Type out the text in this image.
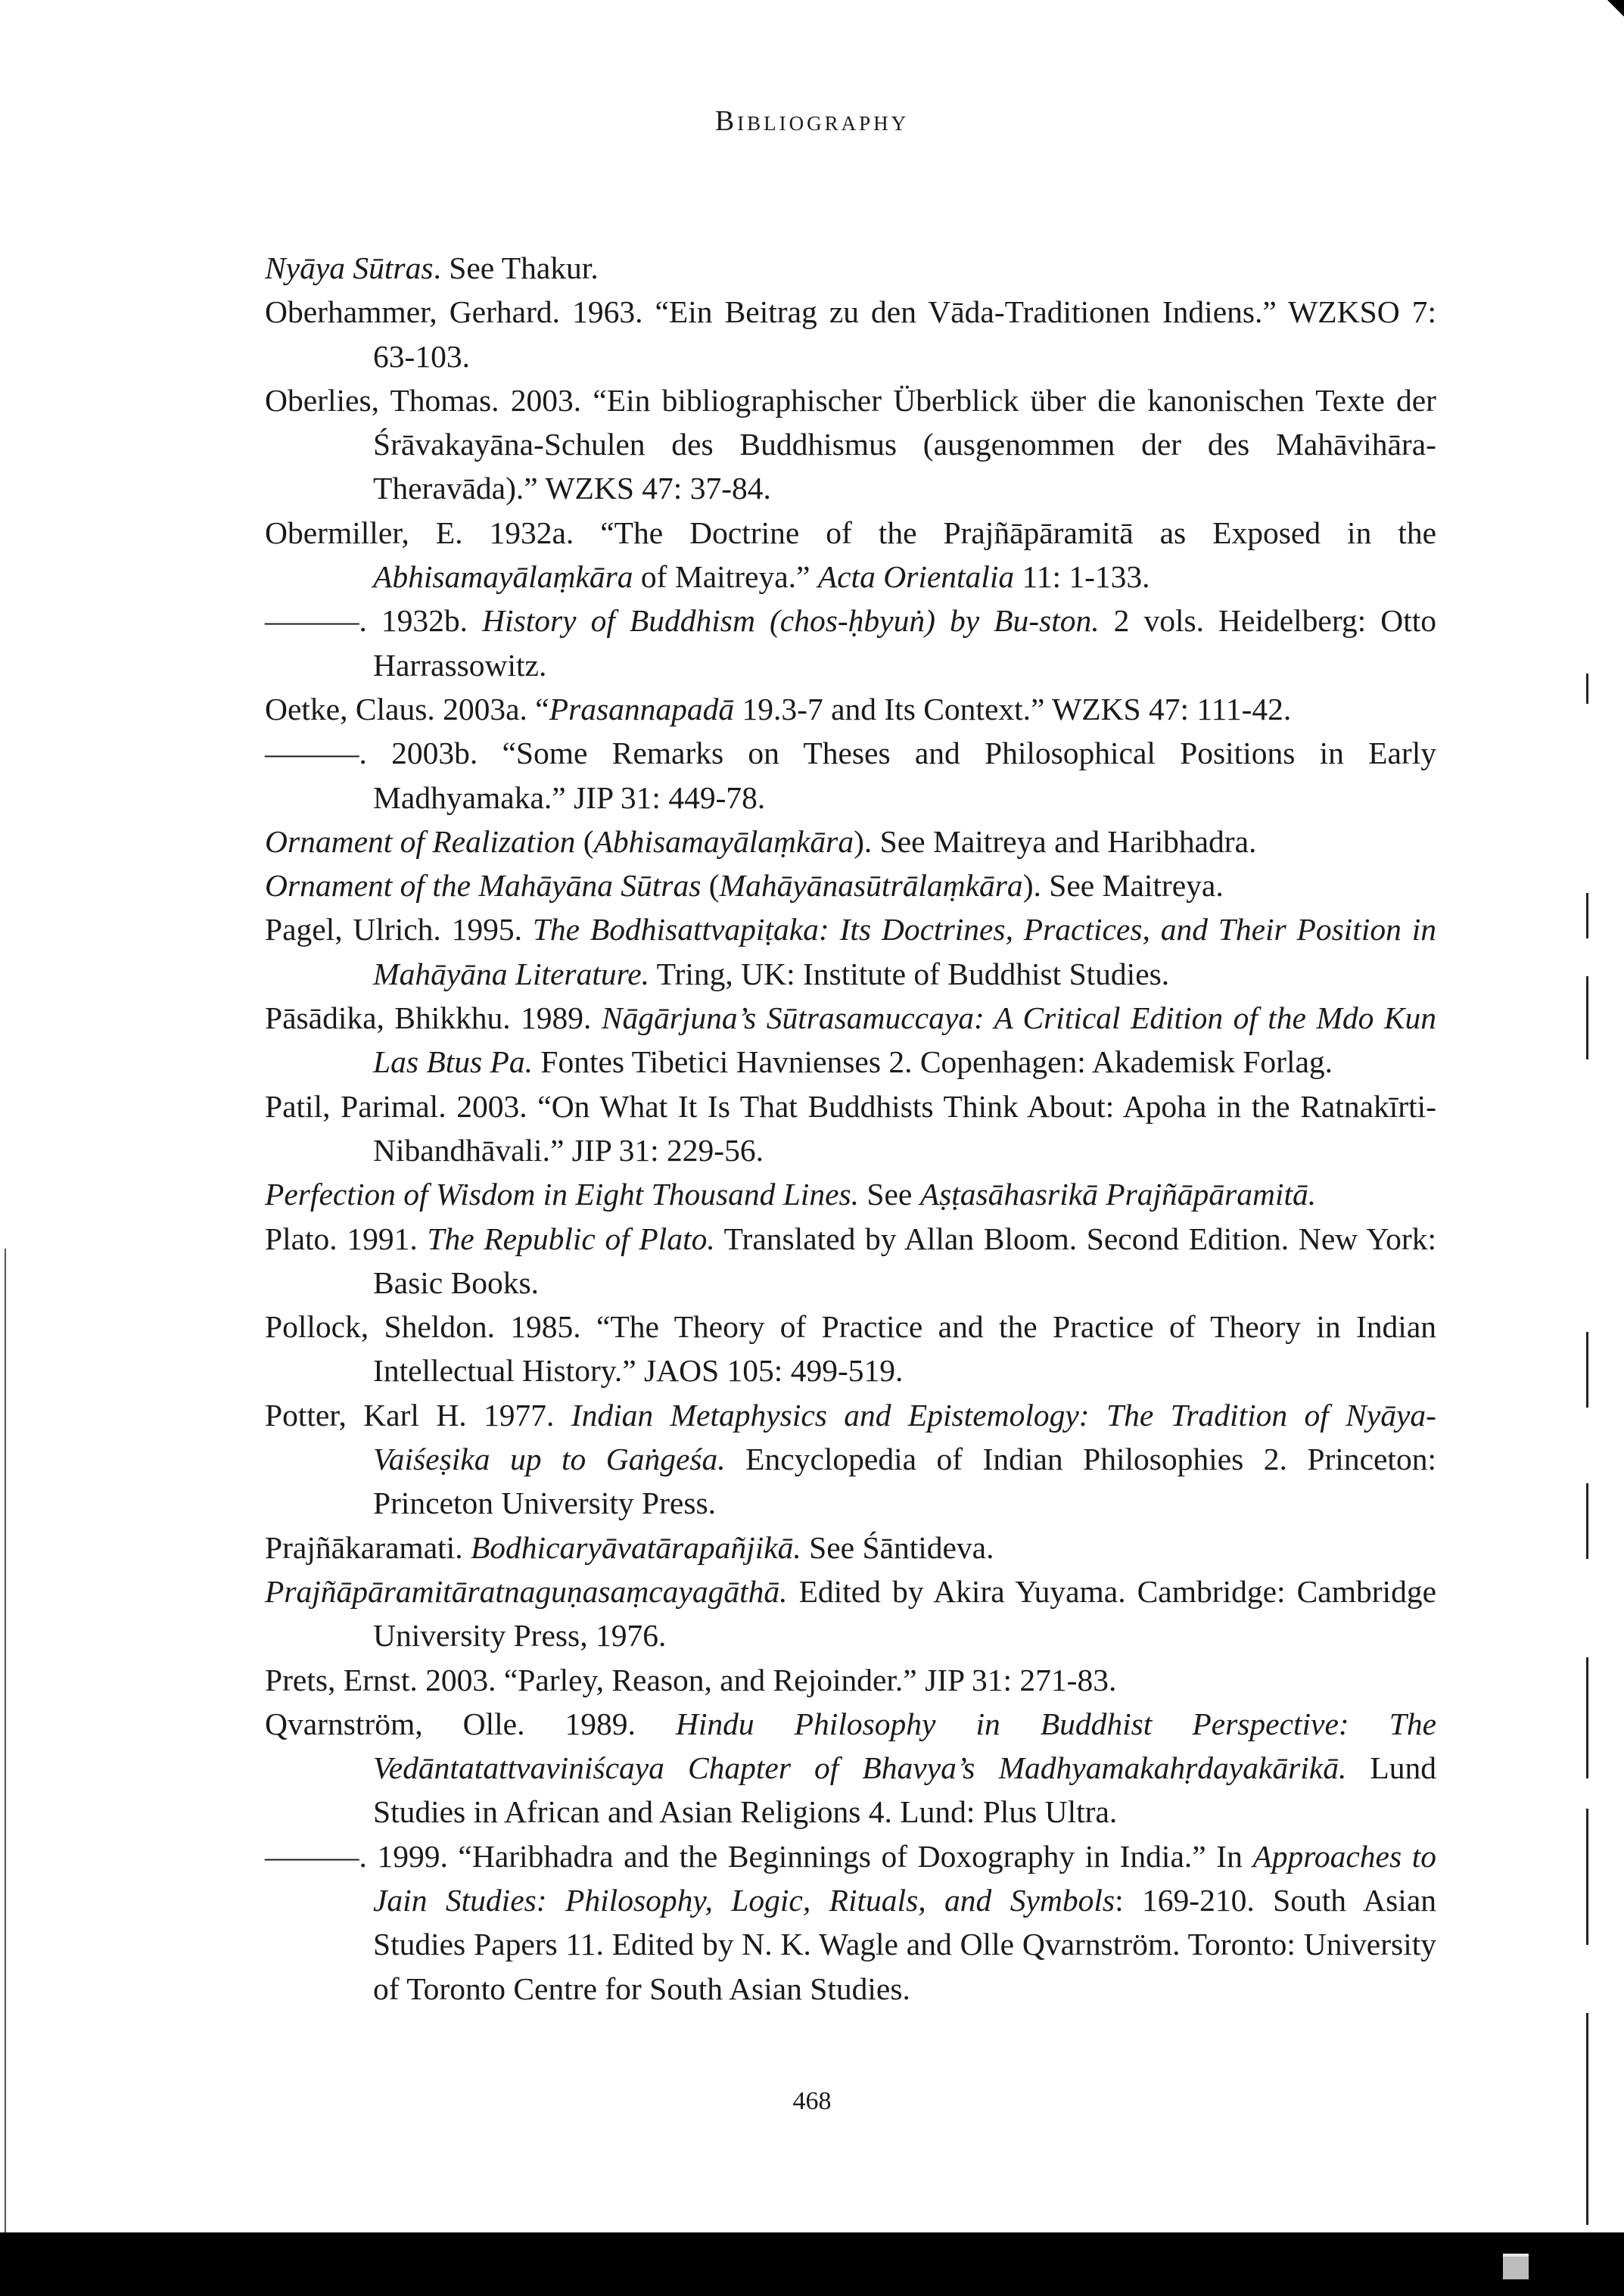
Bibliography
Nyāya Sūtras. See Thakur.
Oberhammer, Gerhard. 1963. “Ein Beitrag zu den Vāda-Traditionen Indiens.” WZKSO 7: 63-103.
Oberlies, Thomas. 2003. “Ein bibliographischer Überblick über die kanonischen Texte der Śrāvakayāna-Schulen des Buddhismus (ausgenommen der des Mahāvihāra-Theravāda).” WZKS 47: 37-84.
Obermiller, E. 1932a. “The Doctrine of the Prajñāpāramitā as Exposed in the Abhisamayālaṃkāra of Maitreya.” Acta Orientalia 11: 1-133.
———. 1932b. History of Buddhism (chos-ḥbyuṅ) by Bu-ston. 2 vols. Heidelberg: Otto Harrassowitz.
Oetke, Claus. 2003a. “Prasannapadā 19.3-7 and Its Context.” WZKS 47: 111-42.
———. 2003b. “Some Remarks on Theses and Philosophical Positions in Early Madhyamaka.” JIP 31: 449-78.
Ornament of Realization (Abhisamayālaṃkāra). See Maitreya and Haribhadra.
Ornament of the Mahāyāna Sūtras (Mahāyānasūtrālaṃkāra). See Maitreya.
Pagel, Ulrich. 1995. The Bodhisattvapiṭaka: Its Doctrines, Practices, and Their Position in Mahāyāna Literature. Tring, UK: Institute of Buddhist Studies.
Pāsādika, Bhikkhu. 1989. Nāgārjuna’s Sūtrasamuccaya: A Critical Edition of the Mdo Kun Las Btus Pa. Fontes Tibetici Havnienses 2. Copenhagen: Akademisk Forlag.
Patil, Parimal. 2003. “On What It Is That Buddhists Think About: Apoha in the Ratnakīrti-Nibandhāvali.” JIP 31: 229-56.
Perfection of Wisdom in Eight Thousand Lines. See Aṣṭasāhasrikā Prajñāpāramitā.
Plato. 1991. The Republic of Plato. Translated by Allan Bloom. Second Edition. New York: Basic Books.
Pollock, Sheldon. 1985. “The Theory of Practice and the Practice of Theory in Indian Intellectual History.” JAOS 105: 499-519.
Potter, Karl H. 1977. Indian Metaphysics and Epistemology: The Tradition of Nyāya-Vaiśeṣika up to Gaṅgeśa. Encyclopedia of Indian Philosophies 2. Princeton: Princeton University Press.
Prajñākaramati. Bodhicaryāvatārapañjikā. See Śāntideva.
Prajñāpāramitāratnaguṇasaṃcayagāthā. Edited by Akira Yuyama. Cambridge: Cambridge University Press, 1976.
Prets, Ernst. 2003. “Parley, Reason, and Rejoinder.” JIP 31: 271-83.
Qvarnström, Olle. 1989. Hindu Philosophy in Buddhist Perspective: The Vedāntatattvaviniścaya Chapter of Bhavya’s Madhyamakahṛdayakārikā. Lund Studies in African and Asian Religions 4. Lund: Plus Ultra.
———. 1999. “Haribhadra and the Beginnings of Doxography in India.” In Approaches to Jain Studies: Philosophy, Logic, Rituals, and Symbols: 169-210. South Asian Studies Papers 11. Edited by N. K. Wagle and Olle Qvarnström. Toronto: University of Toronto Centre for South Asian Studies.
468
